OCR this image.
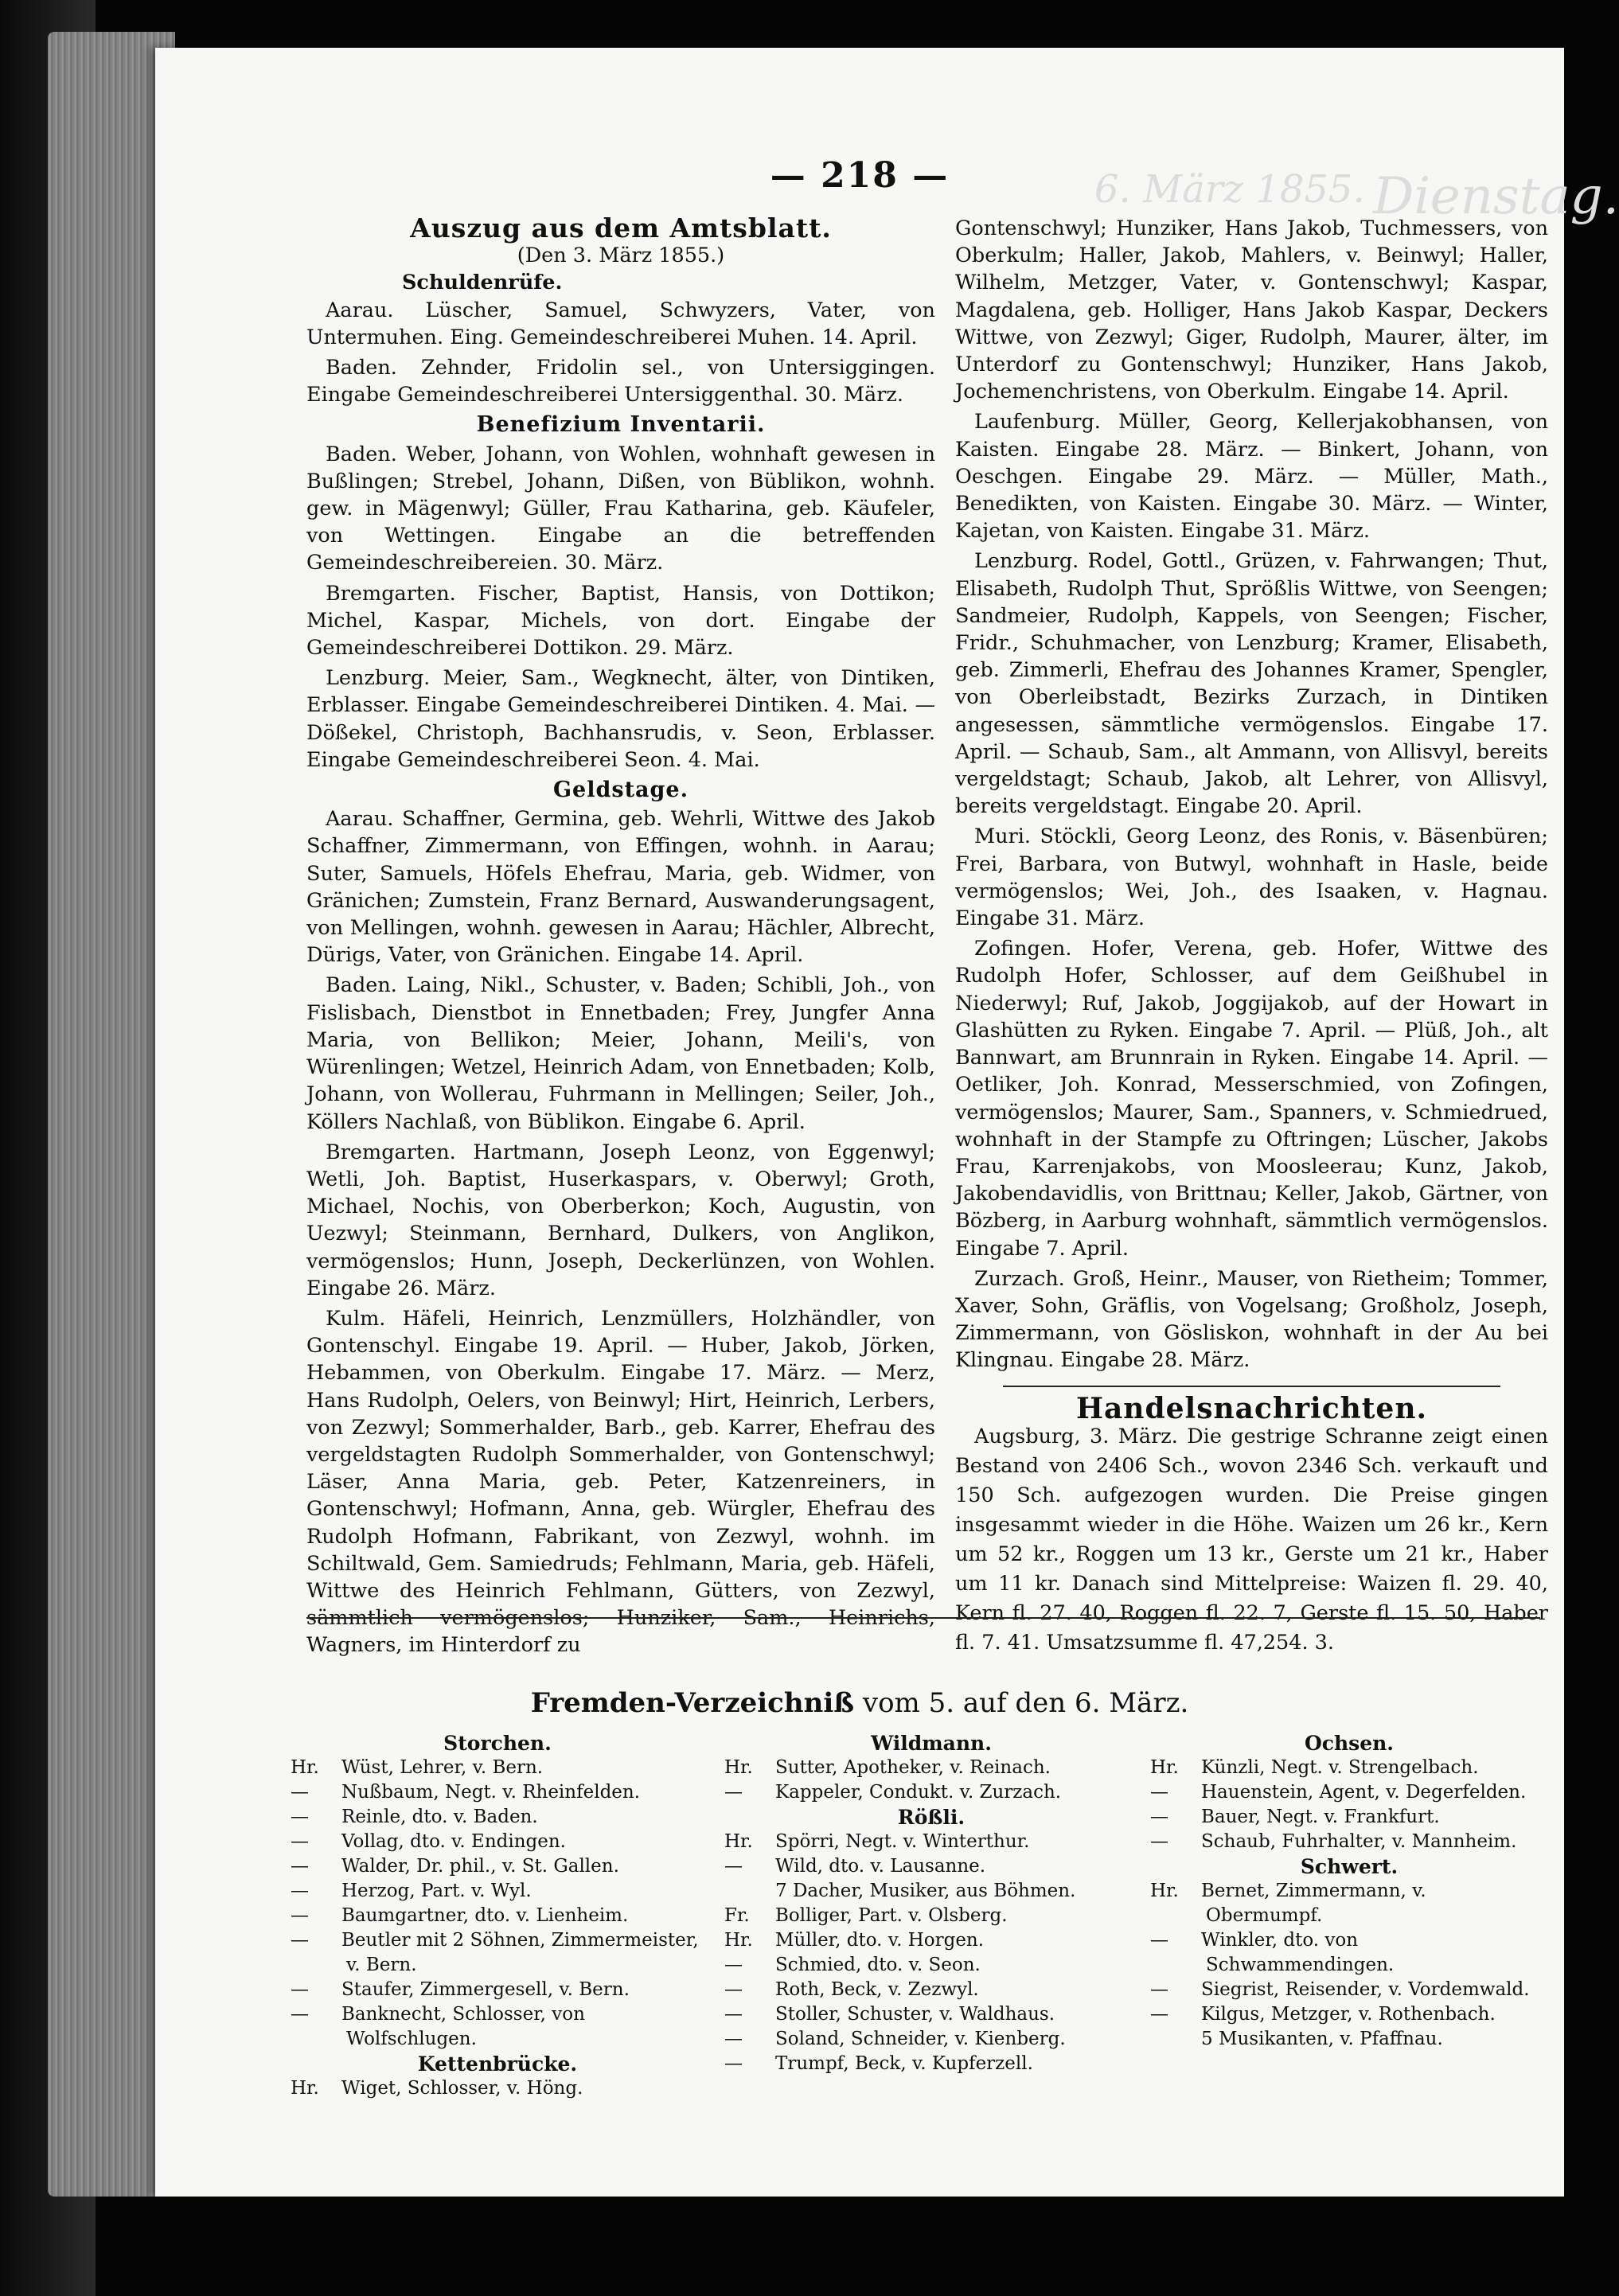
Dienstag.
6. März 1855.
— 218 —
Auszug aus dem Amtsblatt.

(Den 3. März 1855.)

Schuldenrüfe.

Aarau. Lüscher, Samuel, Schwyzers, Vater, von Untermuhen. Eing. Gemeindeschreiberei Muhen. 14. April.

Baden. Zehnder, Fridolin sel., von Untersiggingen. Eingabe Gemeindeschreiberei Untersiggenthal. 30. März.

Benefizium Inventarii.

Baden. Weber, Johann, von Wohlen, wohnhaft gewesen in Bußlingen; Strebel, Johann, Dißen, von Büblikon, wohnh. gew. in Mägenwyl; Güller, Frau Katharina, geb. Käufeler, von Wettingen. Eingabe an die betreffenden Gemeindeschreibereien. 30. März.

Bremgarten. Fischer, Baptist, Hansis, von Dottikon; Michel, Kaspar, Michels, von dort. Eingabe der Gemeindeschreiberei Dottikon. 29. März.

Lenzburg. Meier, Sam., Wegknecht, älter, von Dintiken, Erblasser. Eingabe Gemeindeschreiberei Dintiken. 4. Mai. — Dößekel, Christoph, Bachhansrudis, v. Seon, Erblasser. Eingabe Gemeindeschreiberei Seon. 4. Mai.

Geldstage.

Aarau. Schaffner, Germina, geb. Wehrli, Wittwe des Jakob Schaffner, Zimmermann, von Effingen, wohnh. in Aarau; Suter, Samuels, Höfels Ehefrau, Maria, geb. Widmer, von Gränichen; Zumstein, Franz Bernard, Auswanderungsagent, von Mellingen, wohnh. gewesen in Aarau; Hächler, Albrecht, Dürigs, Vater, von Gränichen. Eingabe 14. April.

Baden. Laing, Nikl., Schuster, v. Baden; Schibli, Joh., von Fislisbach, Dienstbot in Ennetbaden; Frey, Jungfer Anna Maria, von Bellikon; Meier, Johann, Meili's, von Würenlingen; Wetzel, Heinrich Adam, von Ennetbaden; Kolb, Johann, von Wollerau, Fuhrmann in Mellingen; Seiler, Joh., Köllers Nachlaß, von Büblikon. Eingabe 6. April.

Bremgarten. Hartmann, Joseph Leonz, von Eggenwyl; Wetli, Joh. Baptist, Huserkaspars, v. Oberwyl; Groth, Michael, Nochis, von Oberberkon; Koch, Augustin, von Uezwyl; Steinmann, Bernhard, Dulkers, von Anglikon, vermögenslos; Hunn, Joseph, Deckerlünzen, von Wohlen. Eingabe 26. März.

Kulm. Häfeli, Heinrich, Lenzmüllers, Holzhändler, von Gontenschyl. Eingabe 19. April. — Huber, Jakob, Jörken, Hebammen, von Oberkulm. Eingabe 17. März. — Merz, Hans Rudolph, Oelers, von Beinwyl; Hirt, Heinrich, Lerbers, von Zezwyl; Sommerhalder, Barb., geb. Karrer, Ehefrau des vergeldstagten Rudolph Sommerhalder, von Gontenschwyl; Läser, Anna Maria, geb. Peter, Katzenreiners, in Gontenschwyl; Hofmann, Anna, geb. Würgler, Ehefrau des Rudolph Hofmann, Fabrikant, von Zezwyl, wohnh. im Schiltwald, Gem. Samiedruds; Fehlmann, Maria, geb. Häfeli, Wittwe des Heinrich Fehlmann, Gütters, von Zezwyl, sämmtlich vermögenslos; Hunziker, Sam., Heinrichs, Wagners, im Hinterdorf zu

Gontenschwyl; Hunziker, Hans Jakob, Tuchmessers, von Oberkulm; Haller, Jakob, Mahlers, v. Beinwyl; Haller, Wilhelm, Metzger, Vater, v. Gontenschwyl; Kaspar, Magdalena, geb. Holliger, Hans Jakob Kaspar, Deckers Wittwe, von Zezwyl; Giger, Rudolph, Maurer, älter, im Unterdorf zu Gontenschwyl; Hunziker, Hans Jakob, Jochemenchristens, von Oberkulm. Eingabe 14. April.

Laufenburg. Müller, Georg, Kellerjakobhansen, von Kaisten. Eingabe 28. März. — Binkert, Johann, von Oeschgen. Eingabe 29. März. — Müller, Math., Benedikten, von Kaisten. Eingabe 30. März. — Winter, Kajetan, von Kaisten. Eingabe 31. März.

Lenzburg. Rodel, Gottl., Grüzen, v. Fahrwangen; Thut, Elisabeth, Rudolph Thut, Sprößlis Wittwe, von Seengen; Sandmeier, Rudolph, Kappels, von Seengen; Fischer, Fridr., Schuhmacher, von Lenzburg; Kramer, Elisabeth, geb. Zimmerli, Ehefrau des Johannes Kramer, Spengler, von Oberleibstadt, Bezirks Zurzach, in Dintiken angesessen, sämmtliche vermögenslos. Eingabe 17. April. — Schaub, Sam., alt Ammann, von Allisvyl, bereits vergeldstagt; Schaub, Jakob, alt Lehrer, von Allisvyl, bereits vergeldstagt. Eingabe 20. April.

Muri. Stöckli, Georg Leonz, des Ronis, v. Bäsenbüren; Frei, Barbara, von Butwyl, wohnhaft in Hasle, beide vermögenslos; Wei, Joh., des Isaaken, v. Hagnau. Eingabe 31. März.

Zofingen. Hofer, Verena, geb. Hofer, Wittwe des Rudolph Hofer, Schlosser, auf dem Geißhubel in Niederwyl; Ruf, Jakob, Joggijakob, auf der Howart in Glashütten zu Ryken. Eingabe 7. April. — Plüß, Joh., alt Bannwart, am Brunnrain in Ryken. Eingabe 14. April. — Oetliker, Joh. Konrad, Messerschmied, von Zofingen, vermögenslos; Maurer, Sam., Spanners, v. Schmiedrued, wohnhaft in der Stampfe zu Oftringen; Lüscher, Jakobs Frau, Karrenjakobs, von Moosleerau; Kunz, Jakob, Jakobendavidlis, von Brittnau; Keller, Jakob, Gärtner, von Bözberg, in Aarburg wohnhaft, sämmtlich vermögenslos. Eingabe 7. April.

Zurzach. Groß, Heinr., Mauser, von Rietheim; Tommer, Xaver, Sohn, Gräflis, von Vogelsang; Großholz, Joseph, Zimmermann, von Gösliskon, wohnhaft in der Au bei Klingnau. Eingabe 28. März.

Handelsnachrichten.

Augsburg, 3. März. Die gestrige Schranne zeigt einen Bestand von 2406 Sch., wovon 2346 Sch. verkauft und 150 Sch. aufgezogen wurden. Die Preise gingen insgesammt wieder in die Höhe. Waizen um 26 kr., Kern um 52 kr., Roggen um 13 kr., Gerste um 21 kr., Haber um 11 kr. Danach sind Mittelpreise: Waizen fl. 29. 40, Kern fl. 27. 40, Roggen fl. 22. 7, Gerste fl. 15. 50, Haber fl. 7. 41. Umsatzsumme fl. 47,254. 3.

Fremden-Verzeichniß vom 5. auf den 6. März.
Storchen.
Hr. Wüst, Lehrer, v. Bern.
— Nußbaum, Negt. v. Rheinfelden.
— Reinle, dto. v. Baden.
— Vollag, dto. v. Endingen.
— Walder, Dr. phil., v. St. Gallen.
— Herzog, Part. v. Wyl.
— Baumgartner, dto. v. Lienheim.
— Beutler mit 2 Söhnen, Zimmermeister, v. Bern.
— Staufer, Zimmergesell, v. Bern.
— Banknecht, Schlosser, von Wolfschlugen.
Kettenbrücke.
Hr. Wiget, Schlosser, v. Höng.
Wildmann.
Hr. Sutter, Apotheker, v. Reinach.
— Kappeler, Condukt. v. Zurzach.
Rößli.
Hr. Spörri, Negt. v. Winterthur.
— Wild, dto. v. Lausanne.
7 Dacher, Musiker, aus Böhmen.
Fr. Bolliger, Part. v. Olsberg.
Hr. Müller, dto. v. Horgen.
— Schmied, dto. v. Seon.
— Roth, Beck, v. Zezwyl.
— Stoller, Schuster, v. Waldhaus.
— Soland, Schneider, v. Kienberg.
— Trumpf, Beck, v. Kupferzell.
Ochsen.
Hr. Künzli, Negt. v. Strengelbach.
— Hauenstein, Agent, v. Degerfelden.
— Bauer, Negt. v. Frankfurt.
— Schaub, Fuhrhalter, v. Mannheim.
Schwert.
Hr. Bernet, Zimmermann, v. Obermumpf.
— Winkler, dto. von Schwammendingen.
— Siegrist, Reisender, v. Vordemwald.
— Kilgus, Metzger, v. Rothenbach.
5 Musikanten, v. Pfaffnau.
